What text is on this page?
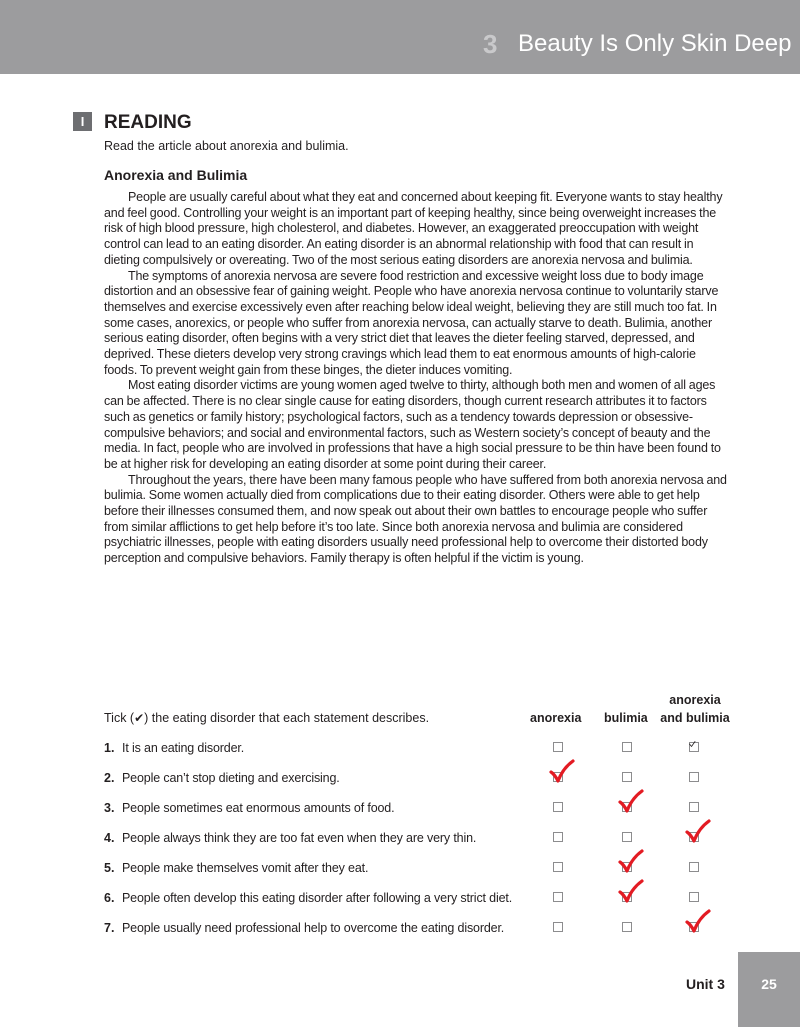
3 Beauty Is Only Skin Deep
I	READING
Read the article about anorexia and bulimia.
Anorexia and Bulimia

People are usually careful about what they eat and concerned about keeping fit. Everyone wants to stay healthy and feel good. Controlling your weight is an important part of keeping healthy, since being overweight increases the risk of high blood pressure, high cholesterol, and diabetes. However, an exaggerated preoccupation with weight control can lead to an eating disorder. An eating disorder is an abnormal relationship with food that can result in dieting compulsively or overeating. Two of the most serious eating disorders are anorexia nervosa and bulimia.

The symptoms of anorexia nervosa are severe food restriction and excessive weight loss due to body image distortion and an obsessive fear of gaining weight. People who have anorexia nervosa continue to voluntarily starve themselves and exercise excessively even after reaching below ideal weight, believing they are still much too fat. In some cases, anorexics, or people who suffer from anorexia nervosa, can actually starve to death. Bulimia, another serious eating disorder, often begins with a very strict diet that leaves the dieter feeling starved, depressed, and deprived. These dieters develop very strong cravings which lead them to eat enormous amounts of high-calorie foods. To prevent weight gain from these binges, the dieter induces vomiting.

Most eating disorder victims are young women aged twelve to thirty, although both men and women of all ages can be affected. There is no clear single cause for eating disorders, though current research attributes it to factors such as genetics or family history; psychological factors, such as a tendency towards depression or obsessive-compulsive behaviors; and social and environmental factors, such as Western society’s concept of beauty and the media. In fact, people who are involved in professions that have a high social pressure to be thin have been found to be at higher risk for developing an eating disorder at some point during their career.

Throughout the years, there have been many famous people who have suffered from both anorexia nervosa and bulimia. Some women actually died from complications due to their eating disorder. Others were able to get help before their illnesses consumed them, and now speak out about their own battles to encourage people who suffer from similar afflictions to get help before it’s too late. Since both anorexia nervosa and bulimia are considered psychiatric illnesses, people with eating disorders usually need professional help to overcome their distorted body perception and compulsive behaviors. Family therapy is often helpful if the victim is young.

anorexia bulimia
anorexia
and bulimia
Tick (✔) the eating disorder that each statement describes.
1. It is an eating disorder.
2. People can’t stop dieting and exercising.
3. People sometimes eat enormous amounts of food.
4. People always think they are too fat even when they are very thin.
5. People make themselves vomit after they eat.
6. People often develop this eating disorder after following a very strict diet.
7. People usually need professional help to overcome the eating disorder.
Unit 3	25
